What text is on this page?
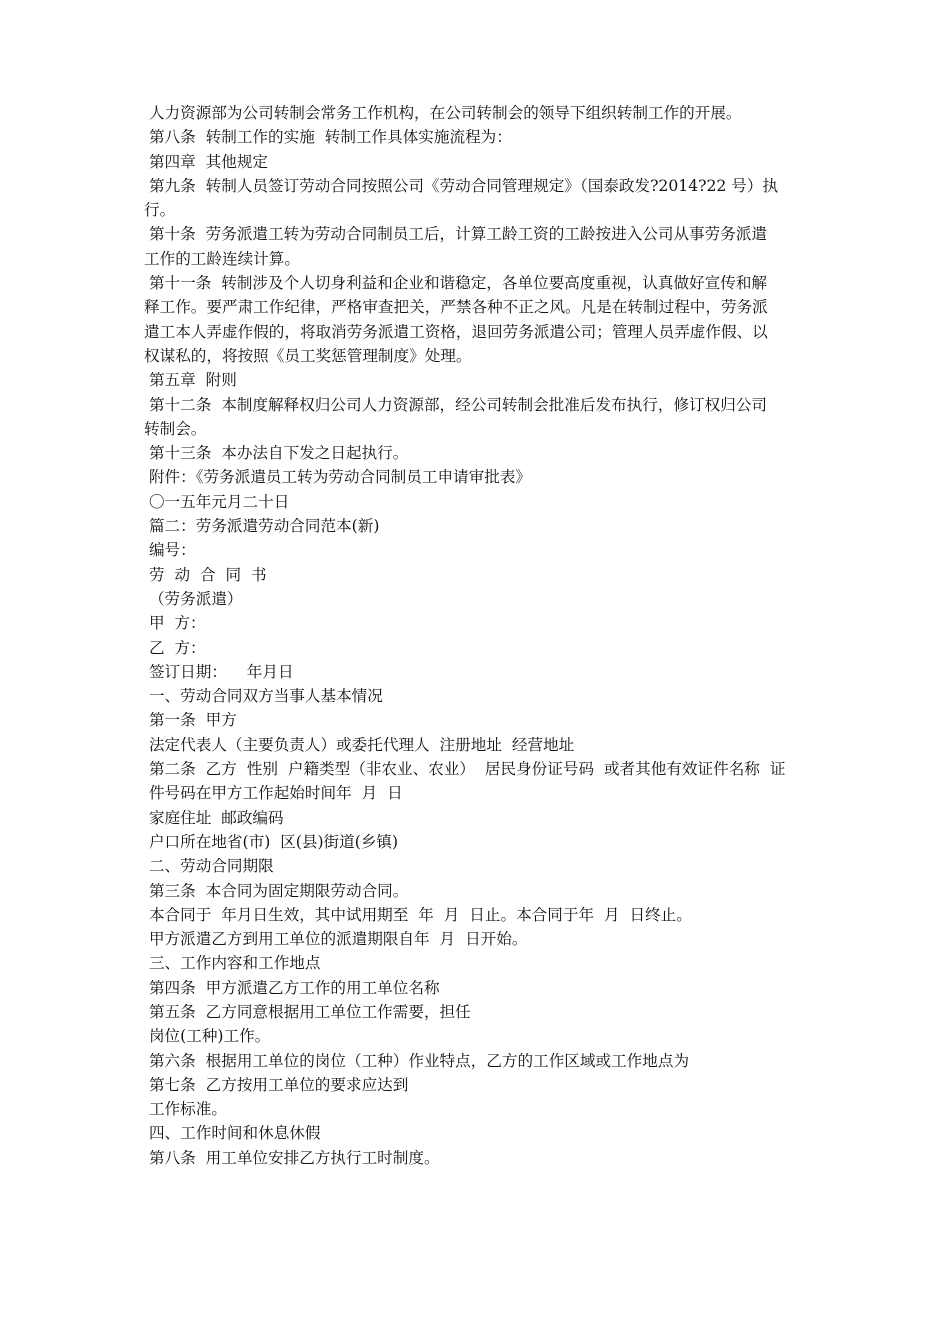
人力资源部为公司转制会常务工作机构，在公司转制会的领导下组织转制工作的开展。
第八条  转制工作的实施  转制工作具体实施流程为：
第四章  其他规定
第九条  转制人员签订劳动合同按照公司《劳动合同管理规定》（国泰政发?2014?22 号）执
行。
第十条  劳务派遣工转为劳动合同制员工后，计算工龄工资的工龄按进入公司从事劳务派遣
工作的工龄连续计算。
第十一条  转制涉及个人切身利益和企业和谐稳定，各单位要高度重视，认真做好宣传和解
释工作。要严肃工作纪律，严格审查把关，严禁各种不正之风。凡是在转制过程中，劳务派
遣工本人弄虚作假的，将取消劳务派遣工资格，退回劳务派遣公司；管理人员弄虚作假、以
权谋私的，将按照《员工奖惩管理制度》处理。
第五章  附则
第十二条  本制度解释权归公司人力资源部，经公司转制会批准后发布执行，修订权归公司
转制会。
第十三条  本办法自下发之日起执行。
附件：《劳务派遣员工转为劳动合同制员工申请审批表》
〇一五年元月二十日
篇二：劳务派遣劳动合同范本(新)
编号：
劳  动  合  同  书
（劳务派遣）
甲  方：
乙  方：
签订日期：    年月日
一、劳动合同双方当事人基本情况
第一条  甲方
法定代表人（主要负责人）或委托代理人  注册地址  经营地址
第二条  乙方  性别  户籍类型（非农业、农业）  居民身份证号码  或者其他有效证件名称  证
件号码在甲方工作起始时间年  月  日
家庭住址  邮政编码
户口所在地省(市)  区(县)街道(乡镇)
二、劳动合同期限
第三条  本合同为固定期限劳动合同。
本合同于  年月日生效，其中试用期至  年  月  日止。本合同于年  月  日终止。
甲方派遣乙方到用工单位的派遣期限自年  月  日开始。
三、工作内容和工作地点
第四条  甲方派遣乙方工作的用工单位名称
第五条  乙方同意根据用工单位工作需要，担任
岗位(工种)工作。
第六条  根据用工单位的岗位（工种）作业特点，乙方的工作区域或工作地点为
第七条  乙方按用工单位的要求应达到
工作标准。
四、工作时间和休息休假
第八条  用工单位安排乙方执行工时制度。
